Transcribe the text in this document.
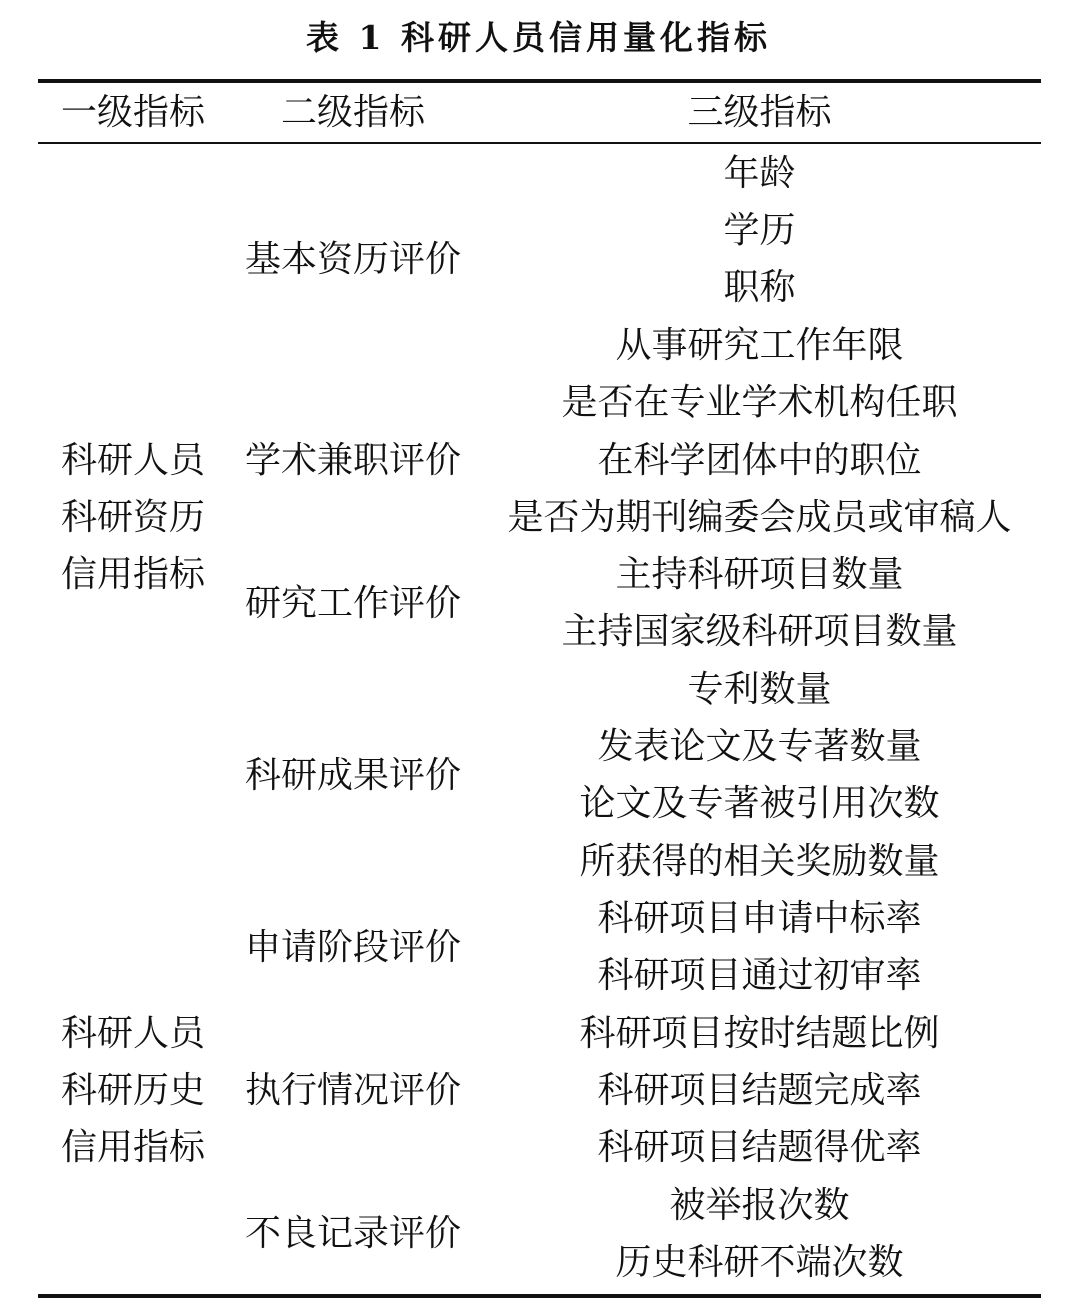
表 1 科研人员信用量化指标
一级指标	二级指标	三级指标
科研人员
科研资历
信用指标
科研人员
科研历史
信用指标
基本资历评价
学术兼职评价
研究工作评价
科研成果评价
申请阶段评价
执行情况评价
不良记录评价
年龄
学历
职称
从事研究工作年限
是否在专业学术机构任职
在科学团体中的职位
是否为期刊编委会成员或审稿人
主持科研项目数量
主持国家级科研项目数量
专利数量
发表论文及专著数量
论文及专著被引用次数
所获得的相关奖励数量
科研项目申请中标率
科研项目通过初审率
科研项目按时结题比例
科研项目结题完成率
科研项目结题得优率
被举报次数
历史科研不端次数
